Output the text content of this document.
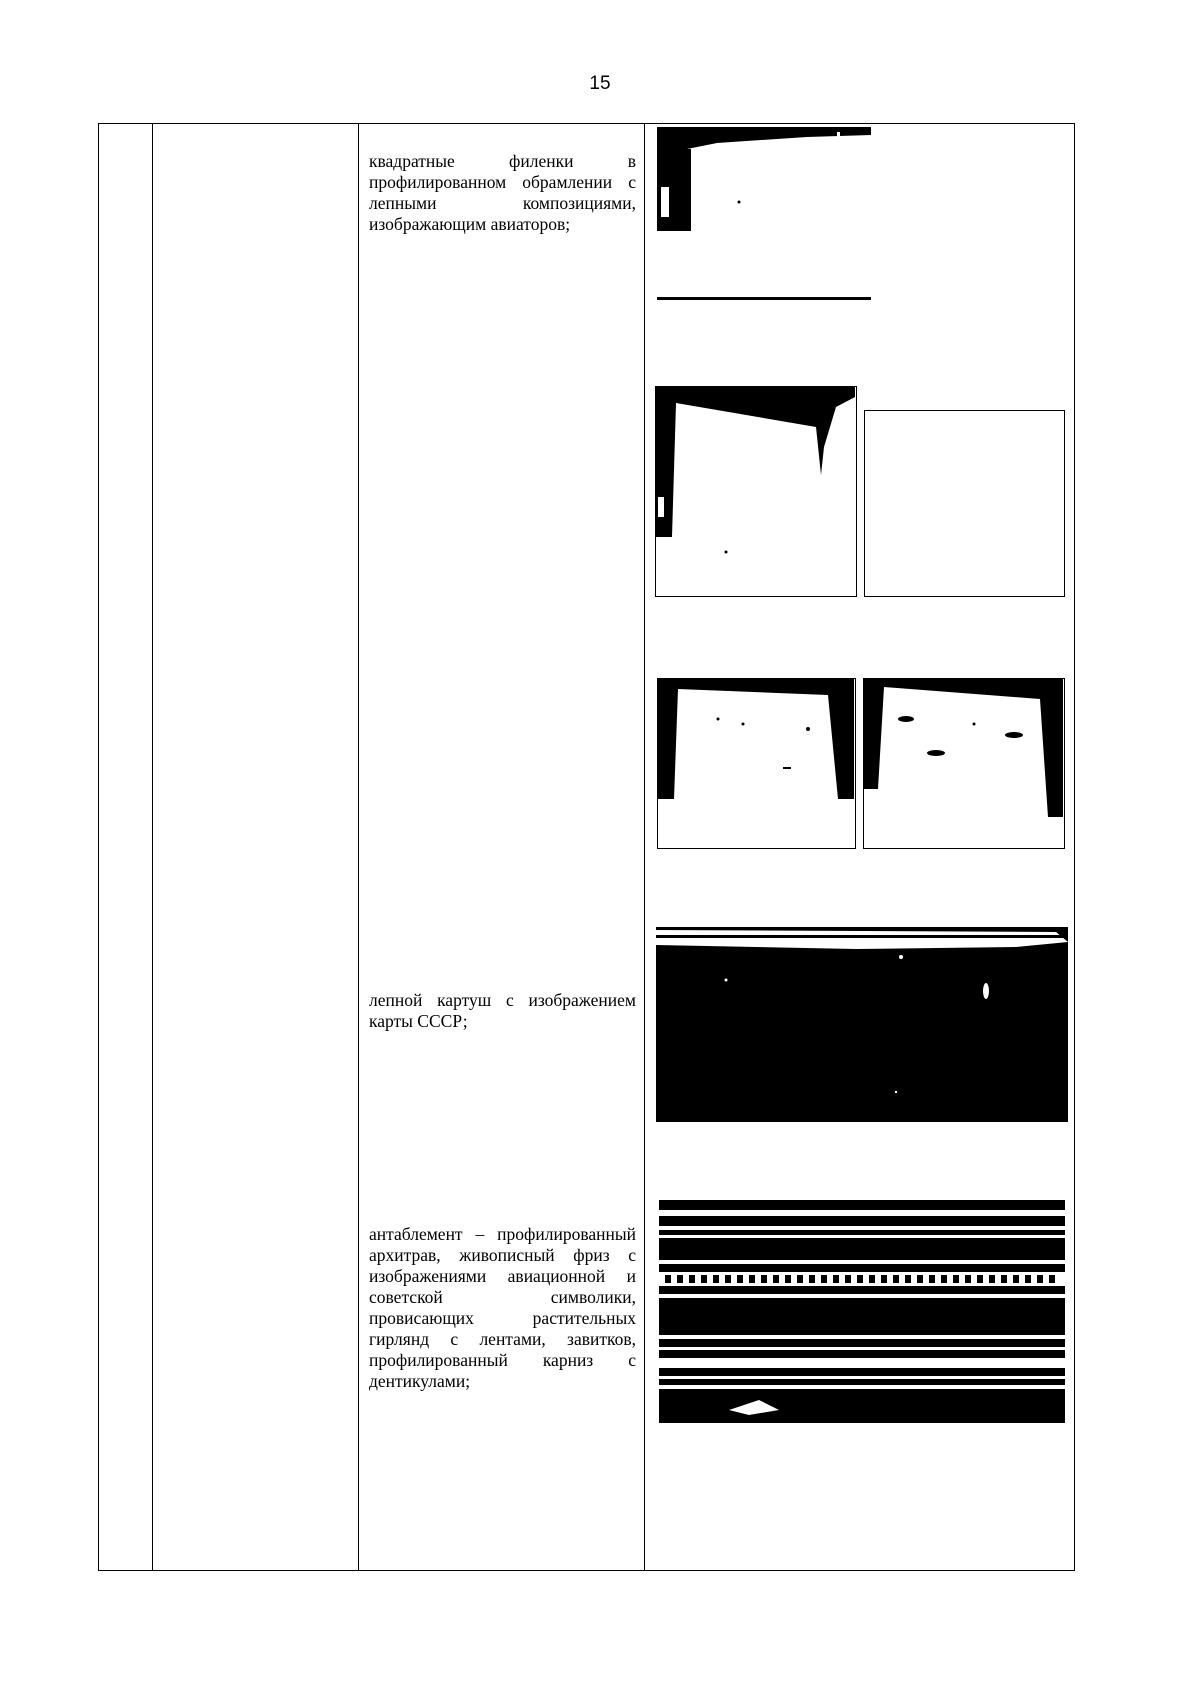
15
квадратные филенки в профилированном обрамлении с лепными композициями, изображающим авиаторов;
лепной картуш с изображением карты СССР;
антаблемент – профилированный архитрав, живописный фриз с изображениями авиационной и советской символики, провисающих растительных гирлянд с лентами, завитков, профилированный карниз с дентикулами;
